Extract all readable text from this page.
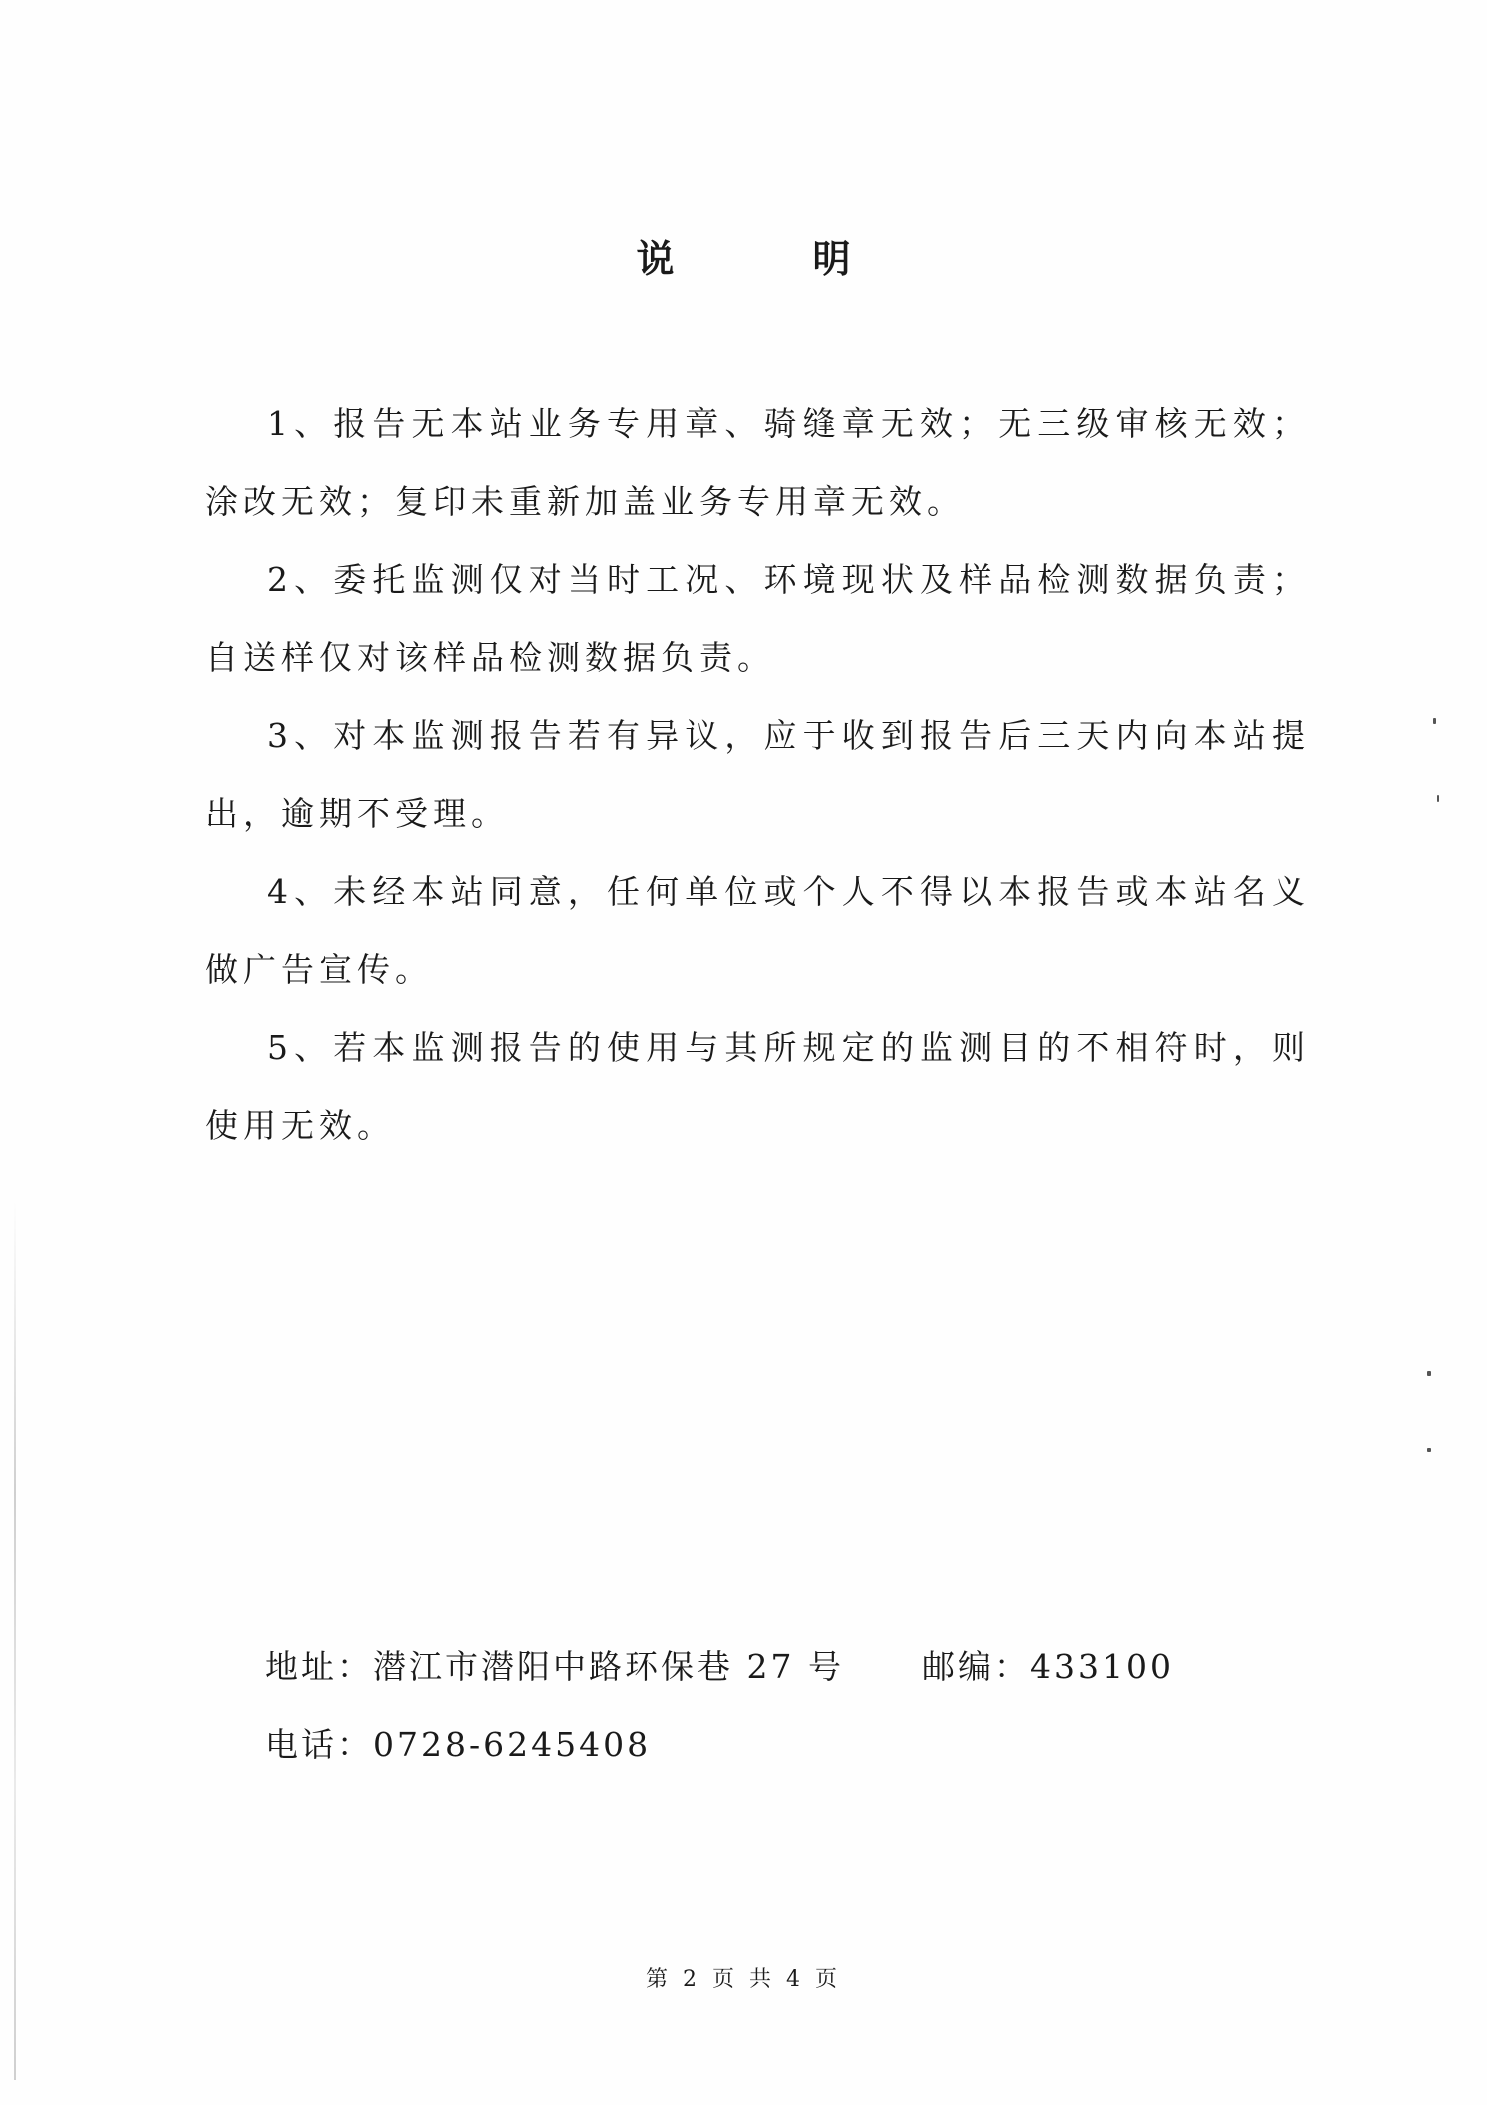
说　明

1、报告无本站业务专用章、骑缝章无效；无三级审核无效；涂改无效；复印未重新加盖业务专用章无效。

2、委托监测仅对当时工况、环境现状及样品检测数据负责；自送样仅对该样品检测数据负责。

3、对本监测报告若有异议，应于收到报告后三天内向本站提出，逾期不受理。

4、未经本站同意，任何单位或个人不得以本报告或本站名义做广告宣传。

5、若本监测报告的使用与其所规定的监测目的不相符时，则使用无效。

地址：潜江市潜阳中路环保巷 27 号 邮编：433100
电话：0728-6245408
第 2 页 共 4 页
